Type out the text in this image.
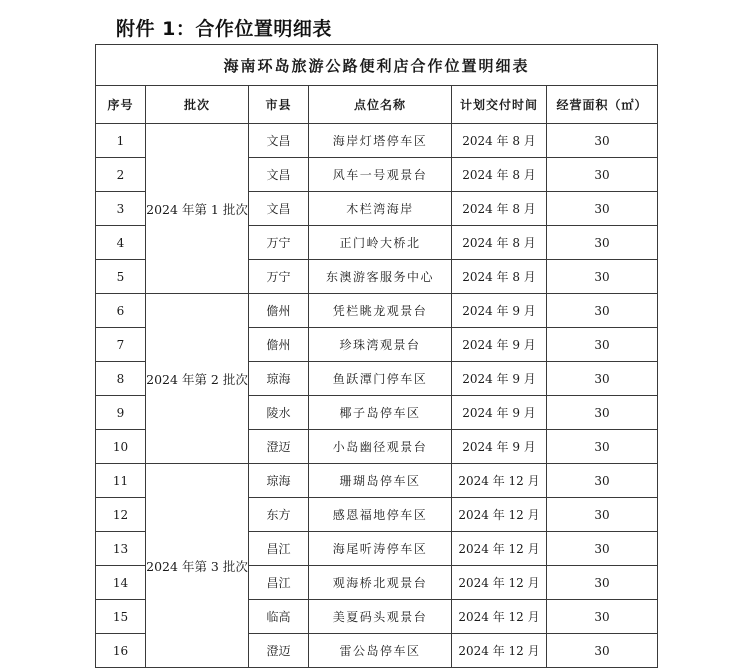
附件 1：合作位置明细表
海南环岛旅游公路便利店合作位置明细表					
序号	批次	市县	点位名称	计划交付时间	经营面积（㎡）
1	2024 年第 1 批次	文昌	海岸灯塔停车区	2024 年 8 月	30
2		文昌	风车一号观景台	2024 年 8 月	30
3		文昌	木栏湾海岸	2024 年 8 月	30
4		万宁	正门岭大桥北	2024 年 8 月	30
5		万宁	东澳游客服务中心	2024 年 8 月	30
6	2024 年第 2 批次	儋州	凭栏眺龙观景台	2024 年 9 月	30
7		儋州	珍珠湾观景台	2024 年 9 月	30
8		琼海	鱼跃潭门停车区	2024 年 9 月	30
9		陵水	椰子岛停车区	2024 年 9 月	30
10		澄迈	小岛幽径观景台	2024 年 9 月	30
11	2024 年第 3 批次	琼海	珊瑚岛停车区	2024 年 12 月	30
12		东方	感恩福地停车区	2024 年 12 月	30
13		昌江	海尾听涛停车区	2024 年 12 月	30
14		昌江	观海桥北观景台	2024 年 12 月	30
15		临高	美夏码头观景台	2024 年 12 月	30
16		澄迈	雷公岛停车区	2024 年 12 月	30
